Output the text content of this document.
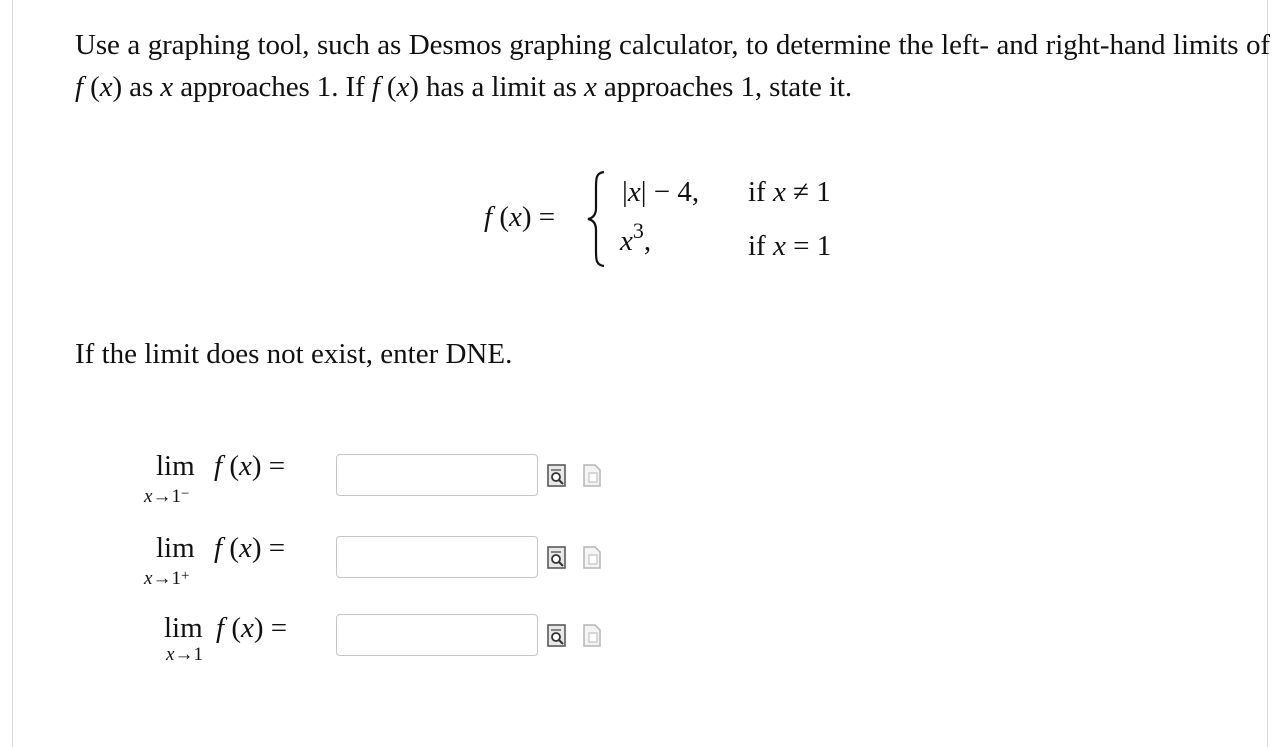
Use a graphing tool, such as Desmos graphing calculator, to determine the left- and right-hand limits of f (x) as x approaches 1. If f (x) has a limit as x approaches 1, state it.
f (x) =
|x| − 4, if x ≠ 1
$x^3$,	if x = 1
If the limit does not exist, enter DNE.
lim
x→1−
f (x) =
lim
x→1+
f (x) =
lim
x→1
f (x) =
